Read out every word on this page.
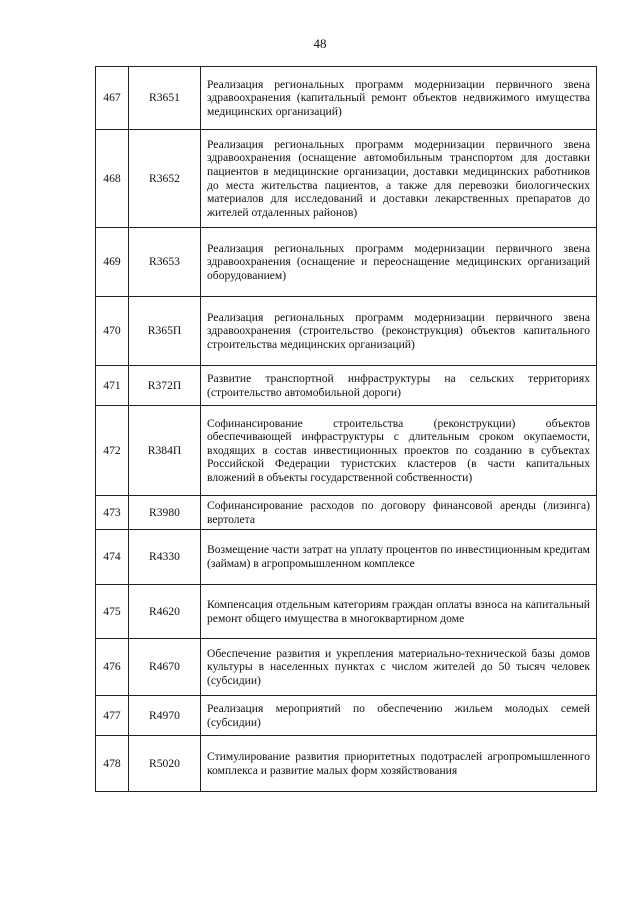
48
467	R3651	Реализация региональных программ модернизации первичного звена здравоохранения (капитальный ремонт объектов недвижимого имущества медицинских организаций)
468	R3652	Реализация региональных программ модернизации первичного звена здравоохранения (оснащение автомобильным транспортом для доставки пациентов в медицинские организации, доставки медицинских работников до места жительства пациентов, а также для перевозки биологических материалов для исследований и доставки лекарственных препаратов до жителей отдаленных районов)
469	R3653	Реализация региональных программ модернизации первичного звена здравоохранения (оснащение и переоснащение медицинских организаций оборудованием)
470	R365П	Реализация региональных программ модернизации первичного звена здравоохранения (строительство (реконструкция) объектов капитального строительства медицинских организаций)
471	R372П	Развитие транспортной инфраструктуры на сельских территориях (строительство автомобильной дороги)
472	R384П	Софинансирование строительства (реконструкции) объектов обеспечивающей инфраструктуры с длительным сроком окупаемости, входящих в состав инвестиционных проектов по созданию в субъектах Российской Федерации туристских кластеров (в части капитальных вложений в объекты государственной собственности)
473	R3980	Софинансирование расходов по договору финансовой аренды (лизинга) вертолета
474	R4330	Возмещение части затрат на уплату процентов по инвестиционным кредитам (займам) в агропромышленном комплексе
475	R4620	Компенсация отдельным категориям граждан оплаты взноса на капитальный ремонт общего имущества в многоквартирном доме
476	R4670	Обеспечение развития и укрепления материально-технической базы домов культуры в населенных пунктах с числом жителей до 50 тысяч человек (субсидии)
477	R4970	Реализация мероприятий по обеспечению жильем молодых семей (субсидии)
478	R5020	Стимулирование развития приоритетных подотраслей агропромышленного комплекса и развитие малых форм хозяйствования
